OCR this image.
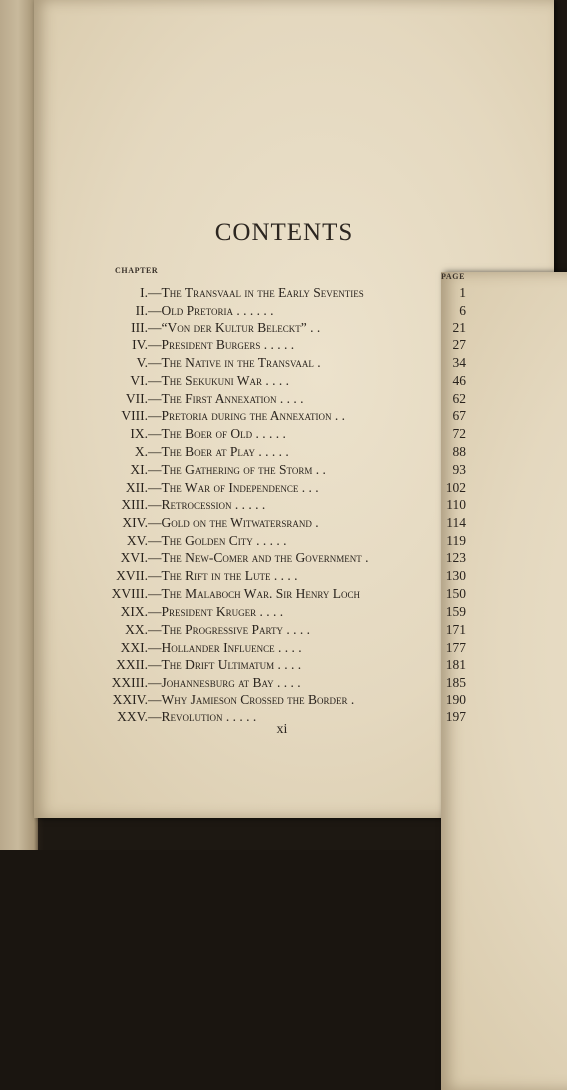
CONTENTS
CHAPTER
PAGE
I. —The Transvaal in the Early Seventies	1
II. —Old Pretoria . . . . . .	6
III. —“Von der Kultur Beleckt” . .	21
IV. —President Burgers . . . . .	27
V. —The Native in the Transvaal .	34
VI. —The Sekukuni War . . . .	46
VII. —The First Annexation . . . .	62
VIII. —Pretoria during the Annexation . .	67
IX. —The Boer of Old . . . . .	72
X. —The Boer at Play . . . . .	88
XI. —The Gathering of the Storm . .	93
XII. —The War of Independence . . .	102
XIII. —Retrocession . . . . .	110
XIV. —Gold on the Witwatersrand .	114
XV. —The Golden City . . . . .	119
XVI. —The New-Comer and the Government .	123
XVII. —The Rift in the Lute . . . .	130
XVIII. —The Malaboch War. Sir Henry Loch	150
XIX. —President Kruger . . . .	159
XX. —The Progressive Party . . . .	171
XXI. —Hollander Influence . . . .	177
XXII. —The Drift Ultimatum . . . .	181
XXIII. —Johannesburg at Bay . . . .	185
XXIV. —Why Jamieson Crossed the Border .	190
XXV. —Revolution . . . . .	197
xi
